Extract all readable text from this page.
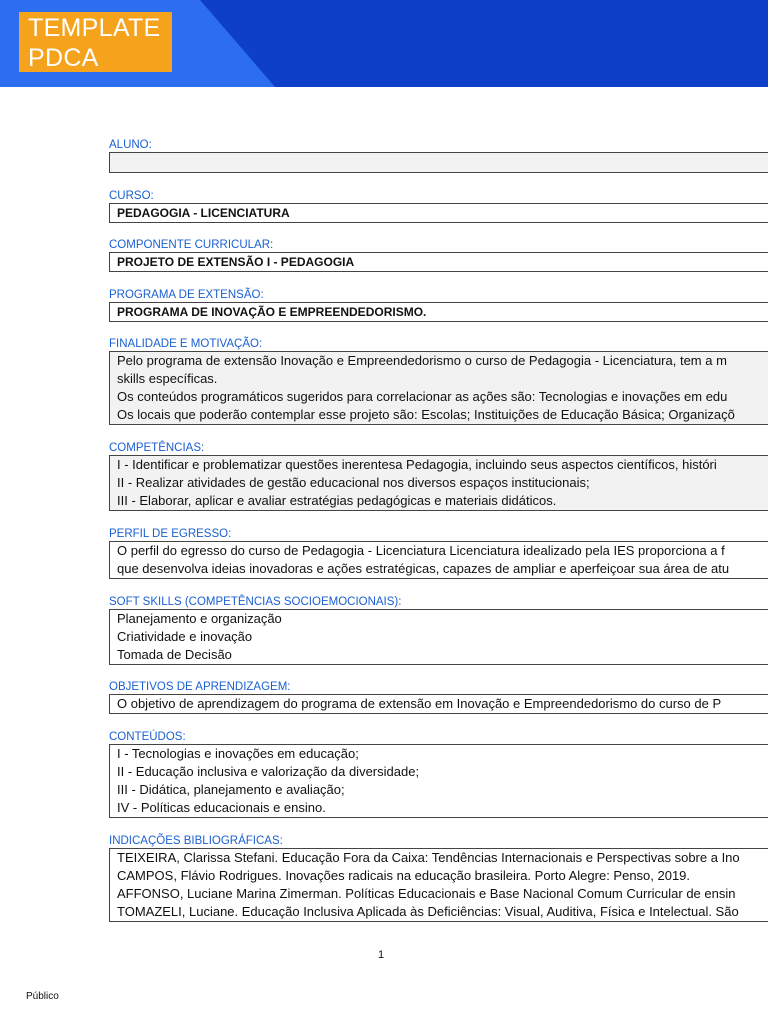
TEMPLATE
PDCA
ALUNO:
CURSO:
PEDAGOGIA - LICENCIATURA
COMPONENTE CURRICULAR:
PROJETO DE EXTENSÃO I - PEDAGOGIA
PROGRAMA DE EXTENSÃO:
PROGRAMA DE INOVAÇÃO E EMPREENDEDORISMO.
FINALIDADE E MOTIVAÇÃO:
Pelo programa de extensão Inovação e Empreendedorismo o curso de Pedagogia - Licenciatura, tem a m
skills específicas.
Os conteúdos programáticos sugeridos para correlacionar as ações são: Tecnologias e inovações em edu
Os locais que poderão contemplar esse projeto são: Escolas; Instituições de Educação Básica; Organizaçõ
COMPETÊNCIAS:
I - Identificar e problematizar questões inerentesa Pedagogia, incluindo seus aspectos científicos, históri
II - Realizar atividades de gestão educacional nos diversos espaços institucionais;
III - Elaborar, aplicar e avaliar estratégias pedagógicas e materiais didáticos.
PERFIL DE EGRESSO:
O perfil do egresso do curso de Pedagogia - Licenciatura Licenciatura idealizado pela IES proporciona a f
que desenvolva ideias inovadoras e ações estratégicas, capazes de ampliar e aperfeiçoar sua área de atu
SOFT SKILLS (COMPETÊNCIAS SOCIOEMOCIONAIS):
Planejamento e organização
Criatividade e inovação
Tomada de Decisão
OBJETIVOS DE APRENDIZAGEM:
O objetivo de aprendizagem do programa de extensão em Inovação e Empreendedorismo do curso de P
CONTEÚDOS:
I - Tecnologias e inovações em educação;
II - Educação inclusiva e valorização da diversidade;
III - Didática, planejamento e avaliação;
IV - Políticas educacionais e ensino.
INDICAÇÕES BIBLIOGRÁFICAS:
TEIXEIRA, Clarissa Stefani. Educação Fora da Caixa: Tendências Internacionais e Perspectivas sobre a Ino
CAMPOS, Flávio Rodrigues. Inovações radicais na educação brasileira. Porto Alegre: Penso, 2019.
AFFONSO, Luciane Marina Zimerman. Políticas Educacionais e Base Nacional Comum Curricular de ensin
TOMAZELI, Luciane. Educação Inclusiva Aplicada às Deficiências: Visual, Auditiva, Física e Intelectual. São
1
Público
